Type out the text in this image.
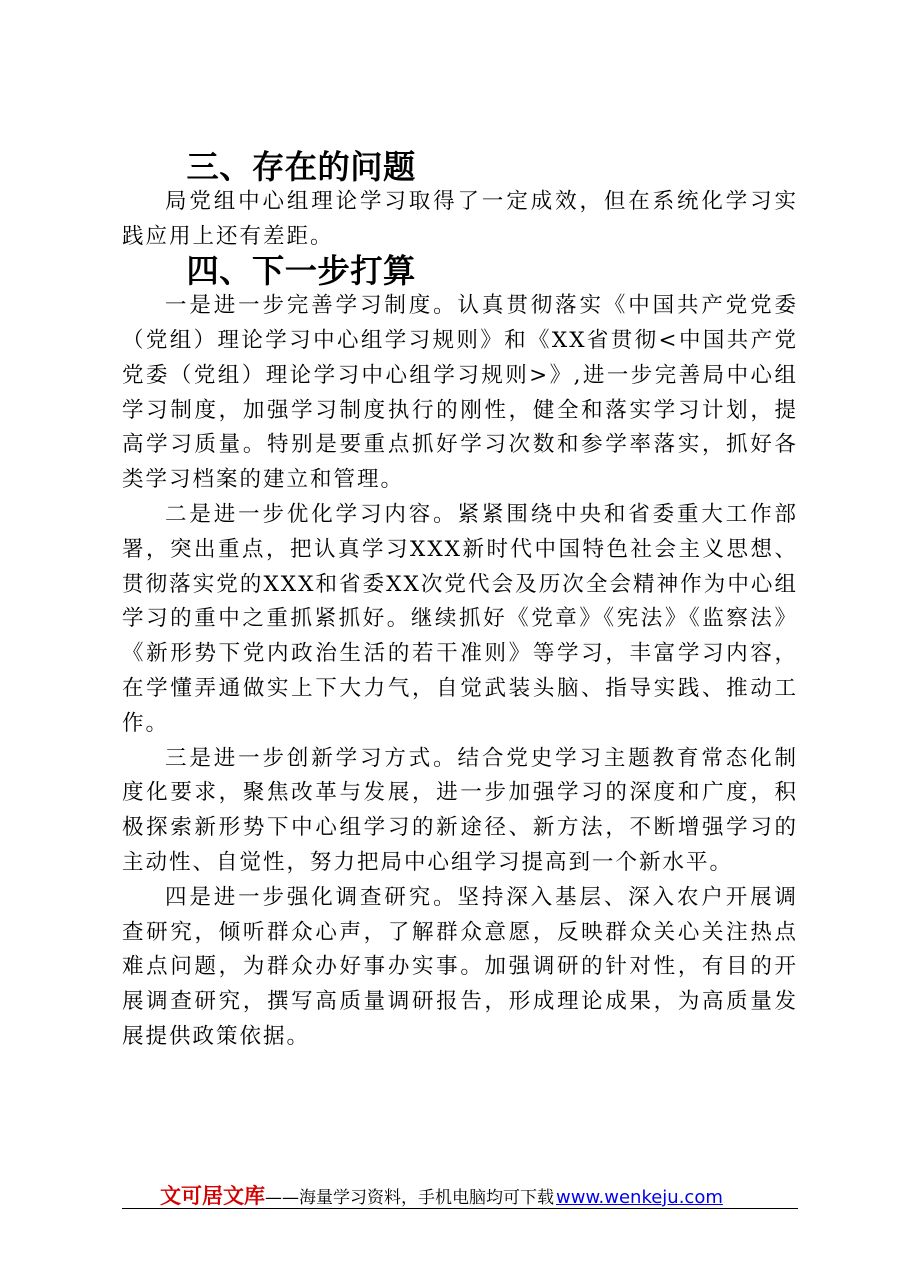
三、存在的问题

局党组中心组理论学习取得了一定成效，但在系统化学习实践应用上还有差距。

四、下一步打算

一是进一步完善学习制度。认真贯彻落实《中国共产党党委（党组）理论学习中心组学习规则》和《XX省贯彻<中国共产党党委（党组）理论学习中心组学习规则>》,进一步完善局中心组学习制度，加强学习制度执行的刚性，健全和落实学习计划，提高学习质量。特别是要重点抓好学习次数和参学率落实，抓好各类学习档案的建立和管理。

二是进一步优化学习内容。紧紧围绕中央和省委重大工作部署，突出重点，把认真学习XXX新时代中国特色社会主义思想、贯彻落实党的XXX和省委XX次党代会及历次全会精神作为中心组学习的重中之重抓紧抓好。继续抓好《党章》《宪法》《监察法》《新形势下党内政治生活的若干准则》等学习，丰富学习内容，在学懂弄通做实上下大力气，自觉武装头脑、指导实践、推动工作。

三是进一步创新学习方式。结合党史学习主题教育常态化制度化要求，聚焦改革与发展，进一步加强学习的深度和广度，积极探索新形势下中心组学习的新途径、新方法，不断增强学习的主动性、自觉性，努力把局中心组学习提高到一个新水平。

四是进一步强化调查研究。坚持深入基层、深入农户开展调查研究，倾听群众心声，了解群众意愿，反映群众关心关注热点难点问题，为群众办好事办实事。加强调研的针对性，有目的开展调查研究，撰写高质量调研报告，形成理论成果，为高质量发展提供政策依据。

文可居文库 ——海量学习资料，手机电脑均可下载 www.wenkeju.com
